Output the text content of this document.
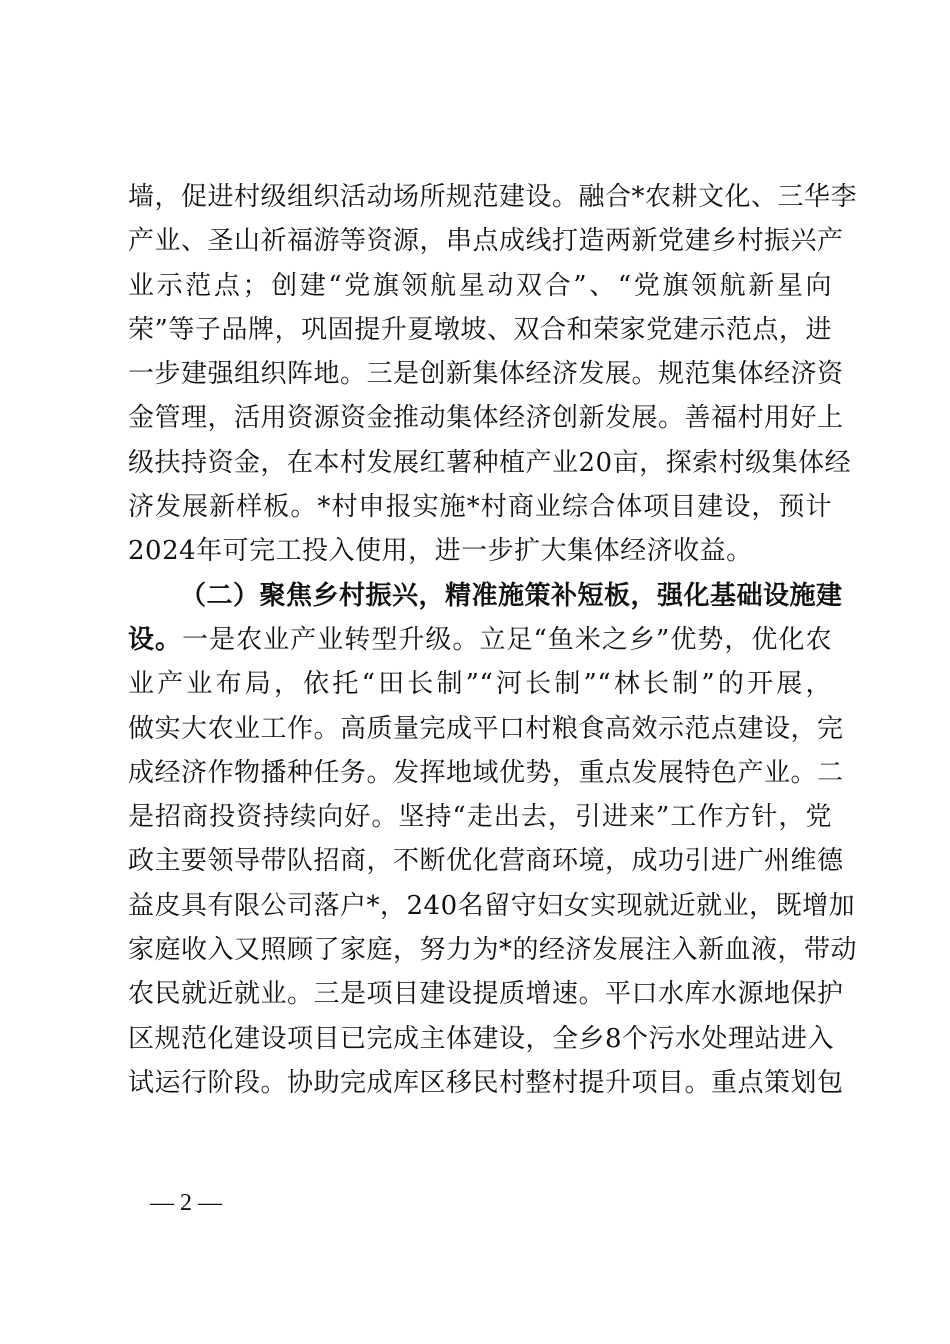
墙，促进村级组织活动场所规范建设。融合*农耕文化、三华李
产业、圣山祈福游等资源，串点成线打造两新党建乡村振兴产
业示范点；创建“党旗领航星动双合”、“党旗领航新星向
荣”等子品牌，巩固提升夏墩坡、双合和荣家党建示范点，进
一步建强组织阵地。三是创新集体经济发展。规范集体经济资
金管理，活用资源资金推动集体经济创新发展。善福村用好上
级扶持资金，在本村发展红薯种植产业20亩，探索村级集体经
济发展新样板。*村申报实施*村商业综合体项目建设，预计
2024年可完工投入使用，进一步扩大集体经济收益。
（二）聚焦乡村振兴，精准施策补短板，强化基础设施建
设。一是农业产业转型升级。立足“鱼米之乡”优势，优化农
业产业布局，依托“田长制”“河长制”“林长制”的开展，
做实大农业工作。高质量完成平口村粮食高效示范点建设，完
成经济作物播种任务。发挥地域优势，重点发展特色产业。二
是招商投资持续向好。坚持“走出去，引进来”工作方针，党
政主要领导带队招商，不断优化营商环境，成功引进广州维德
益皮具有限公司落户*，240名留守妇女实现就近就业，既增加
家庭收入又照顾了家庭，努力为*的经济发展注入新血液，带动
农民就近就业。三是项目建设提质增速。平口水库水源地保护
区规范化建设项目已完成主体建设，全乡8个污水处理站进入
试运行阶段。协助完成库区移民村整村提升项目。重点策划包
— 2 —
